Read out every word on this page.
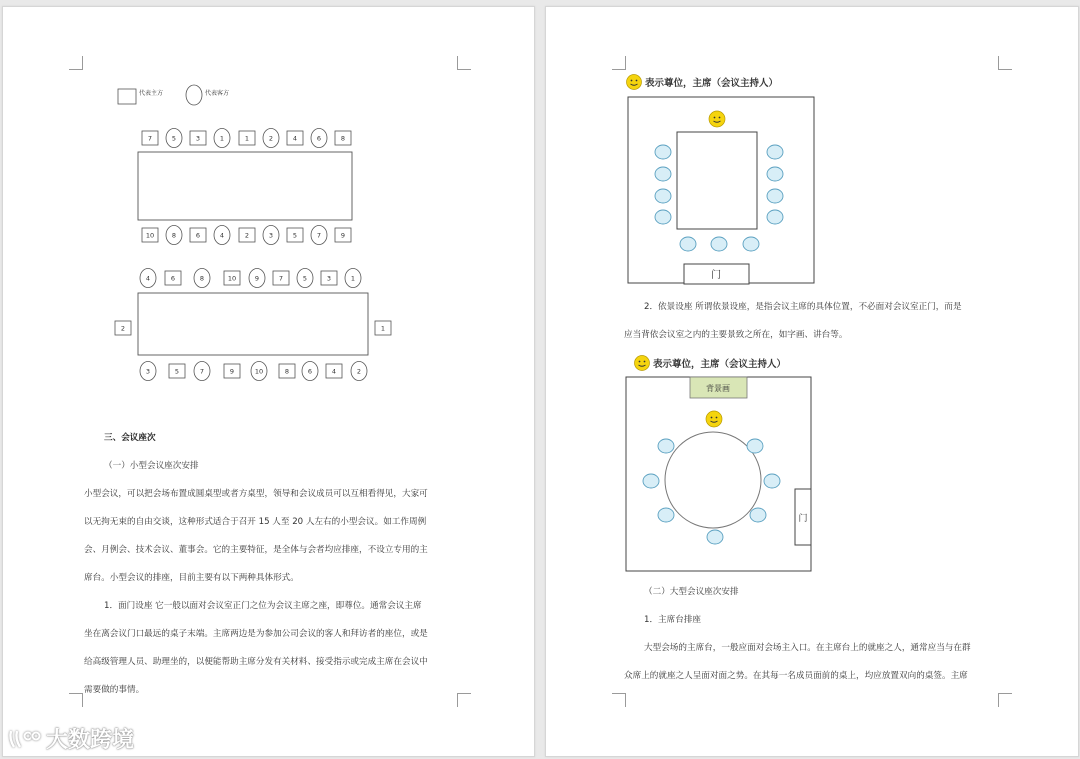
代表主方	代表客方
7	5	3	1	1	2	4	6	8
10	8	6	4	2	3	5	7	9
4	6	8	10	9	7	5	3	1
2	1
3	5	7	9	10	8	6	4	2

三、会议座次

（一）小型会议座次安排

小型会议，可以把会场布置成圆桌型或者方桌型，领导和会议成员可以互相看得见，大家可

以无拘无束的自由交谈，这种形式适合于召开 15 人至 20 人左右的小型会议。如工作周例

会、月例会、技术会议、董事会。它的主要特征，是全体与会者均应排座，不设立专用的主

席台。小型会议的排座，目前主要有以下两种具体形式。

1．面门设座 它一般以面对会议室正门之位为会议主席之座，即尊位。通常会议主席

坐在离会议门口最远的桌子末端。主席两边是为参加公司会议的客人和拜访者的座位，或是

给高级管理人员、助理坐的，以便能帮助主席分发有关材料、接受指示或完成主席在会议中

需要做的事情。

表示尊位，主席（会议主持人）
门

2．依景设座 所谓依景设座，是指会议主席的具体位置，不必面对会议室正门，而是

应当背依会议室之内的主要景致之所在，如字画、讲台等。

表示尊位，主席（会议主持人）
背景画
门

（二）大型会议座次安排

1．主席台排座

大型会场的主席台，一般应面对会场主入口。在主席台上的就座之人，通常应当与在群

众席上的就座之人呈面对面之势。在其每一名成员面前的桌上，均应放置双向的桌签。主席

大数跨境
